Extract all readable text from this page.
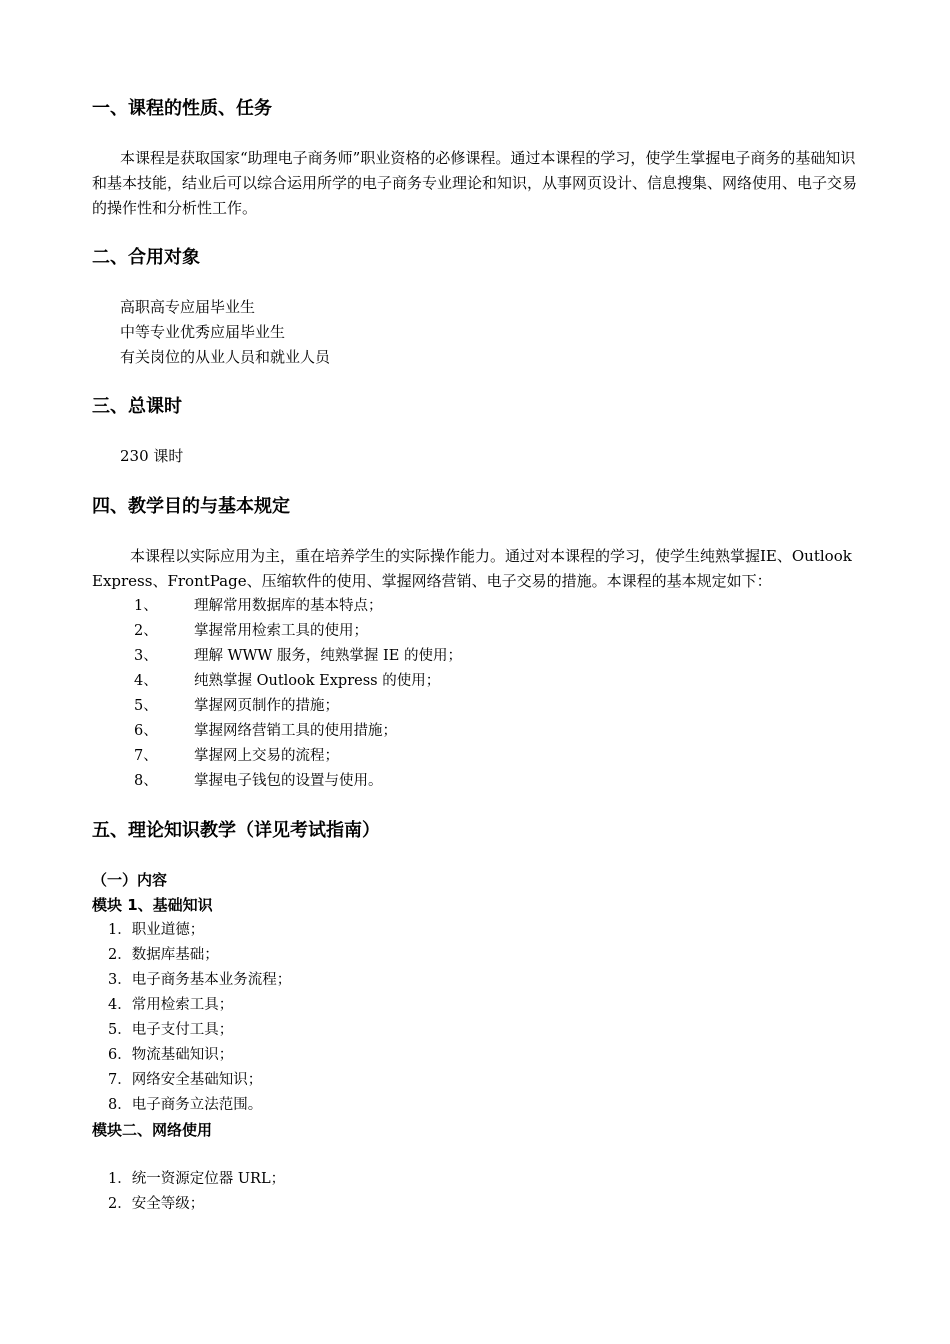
一、课程的性质、任务

本课程是获取国家“助理电子商务师”职业资格的必修课程。通过本课程的学习，使学生掌握电子商务的基础知识和基本技能，结业后可以综合运用所学的电子商务专业理论和知识，从事网页设计、信息搜集、网络使用、电子交易的操作性和分析性工作。

二、合用对象

高职高专应届毕业生

中等专业优秀应届毕业生

有关岗位的从业人员和就业人员

三、总课时

230 课时

四、教学目的与基本规定

本课程以实际应用为主，重在培养学生的实际操作能力。通过对本课程的学习，使学生纯熟掌握IE、Outlook Express、FrontPage、压缩软件的使用、掌握网络营销、电子交易的措施。本课程的基本规定如下：

1、	理解常用数据库的基本特点；
2、	掌握常用检索工具的使用；
3、	理解 WWW 服务，纯熟掌握 IE 的使用；
4、	纯熟掌握 Outlook Express 的使用；
5、	掌握网页制作的措施；
6、	掌握网络营销工具的使用措施；
7、	掌握网上交易的流程；
8、	掌握电子钱包的设置与使用。
五、理论知识教学（详见考试指南）

（一）内容

模块 1、基础知识

1．职业道德；

2．数据库基础；

3．电子商务基本业务流程；

4．常用检索工具；

5．电子支付工具；

6．物流基础知识；

7．网络安全基础知识；

8．电子商务立法范围。

模块二、网络使用

1．统一资源定位器 URL；

2．安全等级；
